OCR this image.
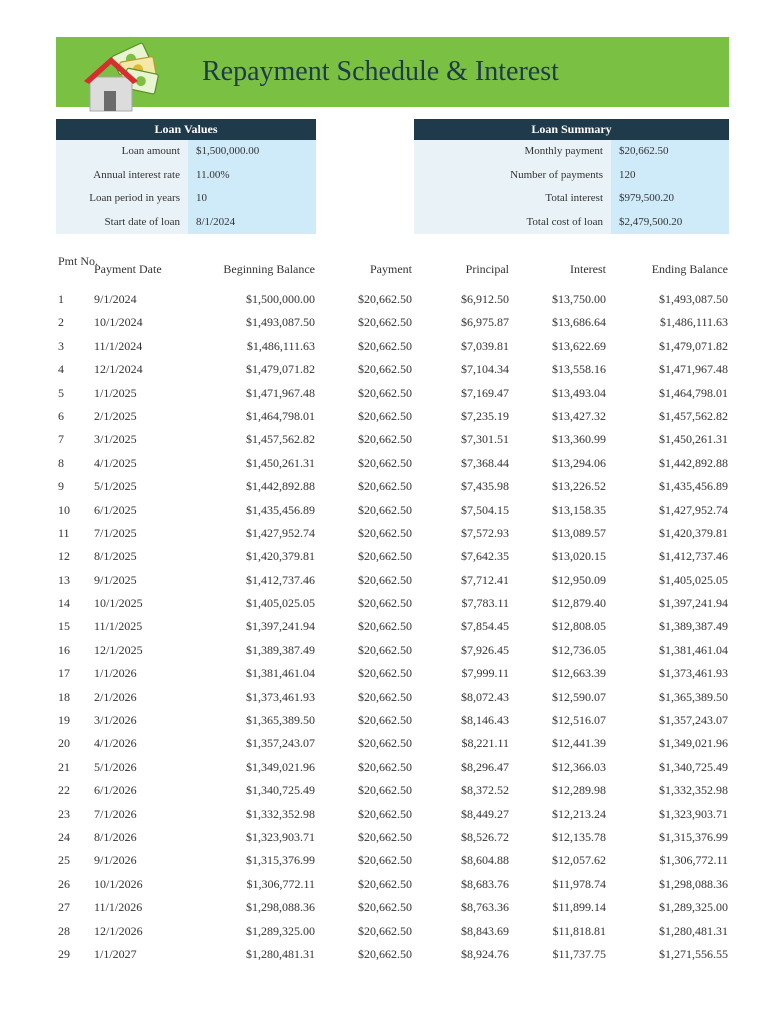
Repayment Schedule & Interest
Loan Values
Loan amount	$1,500,000.00
Annual interest rate	11.00%
Loan period in years	10
Start date of loan	8/1/2024
Loan Summary
Monthly payment	$20,662.50
Number of payments	120
Total interest	$979,500.20
Total cost of loan	$2,479,500.20
Pmt No.
Payment Date	Beginning Balance	Payment	Principal	Interest	Ending Balance
1	9/1/2024	$1,500,000.00	$20,662.50	$6,912.50	$13,750.00	$1,493,087.50
2	10/1/2024	$1,493,087.50	$20,662.50	$6,975.87	$13,686.64	$1,486,111.63
3	11/1/2024	$1,486,111.63	$20,662.50	$7,039.81	$13,622.69	$1,479,071.82
4	12/1/2024	$1,479,071.82	$20,662.50	$7,104.34	$13,558.16	$1,471,967.48
5	1/1/2025	$1,471,967.48	$20,662.50	$7,169.47	$13,493.04	$1,464,798.01
6	2/1/2025	$1,464,798.01	$20,662.50	$7,235.19	$13,427.32	$1,457,562.82
7	3/1/2025	$1,457,562.82	$20,662.50	$7,301.51	$13,360.99	$1,450,261.31
8	4/1/2025	$1,450,261.31	$20,662.50	$7,368.44	$13,294.06	$1,442,892.88
9	5/1/2025	$1,442,892.88	$20,662.50	$7,435.98	$13,226.52	$1,435,456.89
10 6/1/2025	$1,435,456.89	$20,662.50	$7,504.15	$13,158.35	$1,427,952.74
11 7/1/2025	$1,427,952.74	$20,662.50	$7,572.93	$13,089.57	$1,420,379.81
12 8/1/2025	$1,420,379.81	$20,662.50	$7,642.35	$13,020.15	$1,412,737.46
13 9/1/2025	$1,412,737.46	$20,662.50	$7,712.41	$12,950.09	$1,405,025.05
14 10/1/2025	$1,405,025.05	$20,662.50	$7,783.11	$12,879.40	$1,397,241.94
15 11/1/2025	$1,397,241.94	$20,662.50	$7,854.45	$12,808.05	$1,389,387.49
16 12/1/2025	$1,389,387.49	$20,662.50	$7,926.45	$12,736.05	$1,381,461.04
17 1/1/2026	$1,381,461.04	$20,662.50	$7,999.11	$12,663.39	$1,373,461.93
18 2/1/2026	$1,373,461.93	$20,662.50	$8,072.43	$12,590.07	$1,365,389.50
19 3/1/2026	$1,365,389.50	$20,662.50	$8,146.43	$12,516.07	$1,357,243.07
20 4/1/2026	$1,357,243.07	$20,662.50	$8,221.11	$12,441.39	$1,349,021.96
21 5/1/2026	$1,349,021.96	$20,662.50	$8,296.47	$12,366.03	$1,340,725.49
22 6/1/2026	$1,340,725.49	$20,662.50	$8,372.52	$12,289.98	$1,332,352.98
23 7/1/2026	$1,332,352.98	$20,662.50	$8,449.27	$12,213.24	$1,323,903.71
24 8/1/2026	$1,323,903.71	$20,662.50	$8,526.72	$12,135.78	$1,315,376.99
25 9/1/2026	$1,315,376.99	$20,662.50	$8,604.88	$12,057.62	$1,306,772.11
26 10/1/2026	$1,306,772.11	$20,662.50	$8,683.76	$11,978.74	$1,298,088.36
27 11/1/2026	$1,298,088.36	$20,662.50	$8,763.36	$11,899.14	$1,289,325.00
28 12/1/2026	$1,289,325.00	$20,662.50	$8,843.69	$11,818.81	$1,280,481.31
29 1/1/2027	$1,280,481.31	$20,662.50	$8,924.76	$11,737.75	$1,271,556.55
